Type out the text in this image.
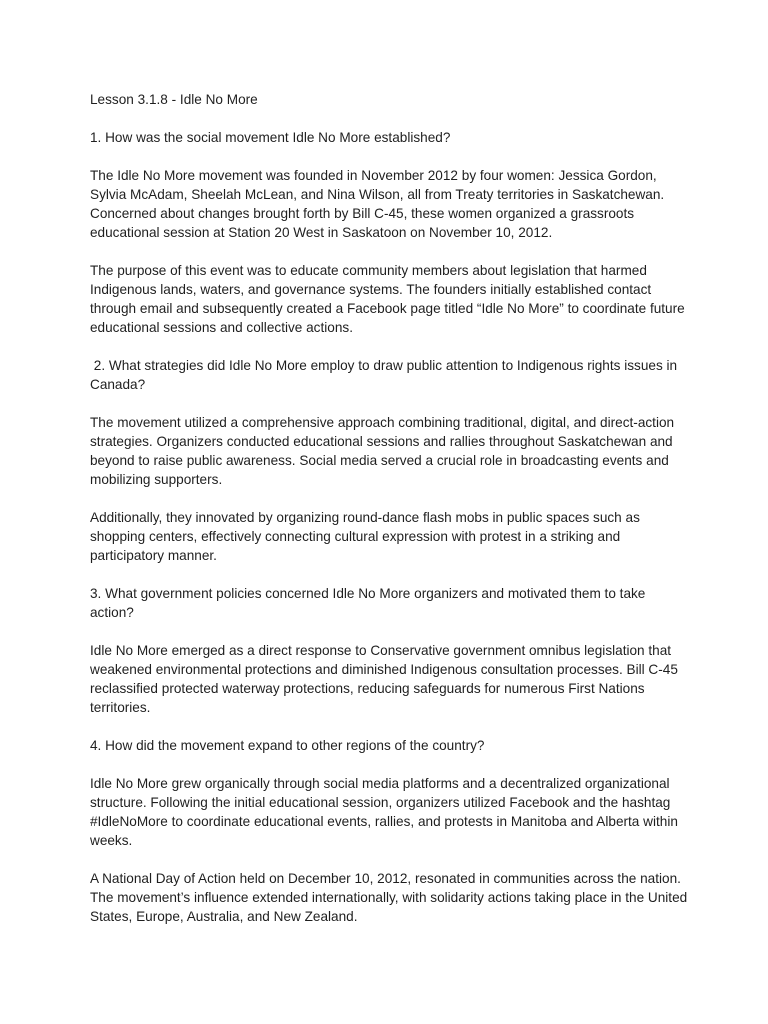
Lesson 3.1.8 - Idle No More

1. How was the social movement Idle No More established?

The Idle No More movement was founded in November 2012 by four women: Jessica Gordon, Sylvia McAdam, Sheelah McLean, and Nina Wilson, all from Treaty territories in Saskatchewan. Concerned about changes brought forth by Bill C-45, these women organized a grassroots educational session at Station 20 West in Saskatoon on November 10, 2012.

The purpose of this event was to educate community members about legislation that harmed Indigenous lands, waters, and governance systems. The founders initially established contact through email and subsequently created a Facebook page titled “Idle No More” to coordinate future educational sessions and collective actions.

2. What strategies did Idle No More employ to draw public attention to Indigenous rights issues in Canada?

The movement utilized a comprehensive approach combining traditional, digital, and direct-action strategies. Organizers conducted educational sessions and rallies throughout Saskatchewan and beyond to raise public awareness. Social media served a crucial role in broadcasting events and mobilizing supporters.

Additionally, they innovated by organizing round-dance flash mobs in public spaces such as shopping centers, effectively connecting cultural expression with protest in a striking and participatory manner.

3. What government policies concerned Idle No More organizers and motivated them to take action?

Idle No More emerged as a direct response to Conservative government omnibus legislation that weakened environmental protections and diminished Indigenous consultation processes. Bill C-45 reclassified protected waterway protections, reducing safeguards for numerous First Nations territories.

4. How did the movement expand to other regions of the country?

Idle No More grew organically through social media platforms and a decentralized organizational structure. Following the initial educational session, organizers utilized Facebook and the hashtag #IdleNoMore to coordinate educational events, rallies, and protests in Manitoba and Alberta within weeks.

A National Day of Action held on December 10, 2012, resonated in communities across the nation. The movement’s influence extended internationally, with solidarity actions taking place in the United States, Europe, Australia, and New Zealand.
